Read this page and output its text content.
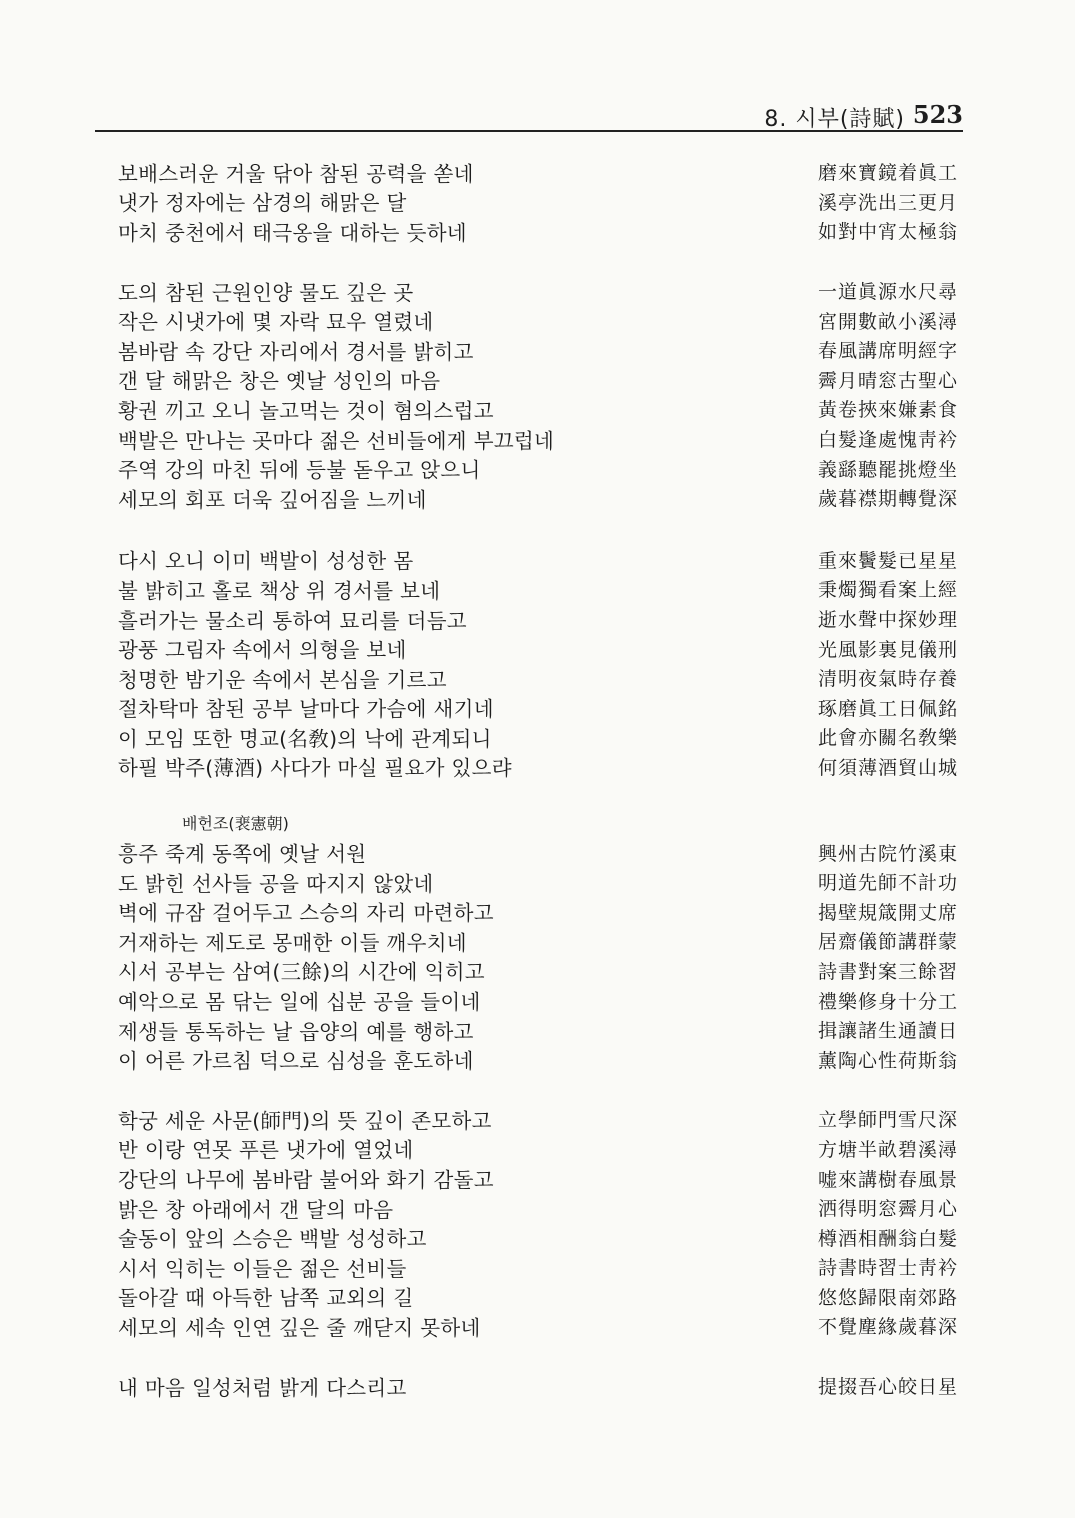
8. 시부(詩賦) 523
보배스러운 거울 닦아 참된 공력을 쏟네	磨來寶鏡着眞工
냇가 정자에는 삼경의 해맑은 달	溪亭洗出三更月
마치 중천에서 태극옹을 대하는 듯하네	如對中宵太極翁
도의 참된 근원인양 물도 깊은 곳	一道眞源水尺尋
작은 시냇가에 몇 자락 묘우 열렸네	宮開數畝小溪潯
봄바람 속 강단 자리에서 경서를 밝히고	春風講席明經字
갠 달 해맑은 창은 옛날 성인의 마음	霽月晴窓古聖心
황권 끼고 오니 놀고먹는 것이 혐의스럽고	黃卷挾來嫌素食
백발은 만나는 곳마다 젊은 선비들에게 부끄럽네	白髮逢處愧靑衿
주역 강의 마친 뒤에 등불 돋우고 앉으니	義繇聽罷挑燈坐
세모의 회포 더욱 깊어짐을 느끼네	歲暮襟期轉覺深
다시 오니 이미 백발이 성성한 몸	重來鬢髮已星星
불 밝히고 홀로 책상 위 경서를 보네	秉燭獨看案上經
흘러가는 물소리 통하여 묘리를 더듬고	逝水聲中探妙理
광풍 그림자 속에서 의형을 보네	光風影裏見儀刑
청명한 밤기운 속에서 본심을 기르고	清明夜氣時存養
절차탁마 참된 공부 날마다 가슴에 새기네	琢磨眞工日佩銘
이 모임 또한 명교(名敎)의 낙에 관계되니	此會亦關名敎樂
하필 박주(薄酒) 사다가 마실 필요가 있으랴	何須薄酒貿山城
배헌조(裵憲朝)
흥주 죽계 동쪽에 옛날 서원	興州古院竹溪東
도 밝힌 선사들 공을 따지지 않았네	明道先師不計功
벽에 규잠 걸어두고 스승의 자리 마련하고	揭壁規箴開丈席
거재하는 제도로 몽매한 이들 깨우치네	居齋儀節講群蒙
시서 공부는 삼여(三餘)의 시간에 익히고	詩書對案三餘習
예악으로 몸 닦는 일에 십분 공을 들이네	禮樂修身十分工
제생들 통독하는 날 읍양의 예를 행하고	揖讓諸生通讀日
이 어른 가르침 덕으로 심성을 훈도하네	薰陶心性荷斯翁
학궁 세운 사문(師門)의 뜻 깊이 존모하고	立學師門雪尺深
반 이랑 연못 푸른 냇가에 열었네	方塘半畝碧溪潯
강단의 나무에 봄바람 불어와 화기 감돌고	嘘來講樹春風景
밝은 창 아래에서 갠 달의 마음	洒得明窓霽月心
술동이 앞의 스승은 백발 성성하고	樽酒相酬翁白髮
시서 익히는 이들은 젊은 선비들	詩書時習士靑衿
돌아갈 때 아득한 남쪽 교외의 길	悠悠歸限南郊路
세모의 세속 인연 깊은 줄 깨닫지 못하네	不覺塵緣歲暮深
내 마음 일성처럼 밝게 다스리고	提掇吾心皎日星
